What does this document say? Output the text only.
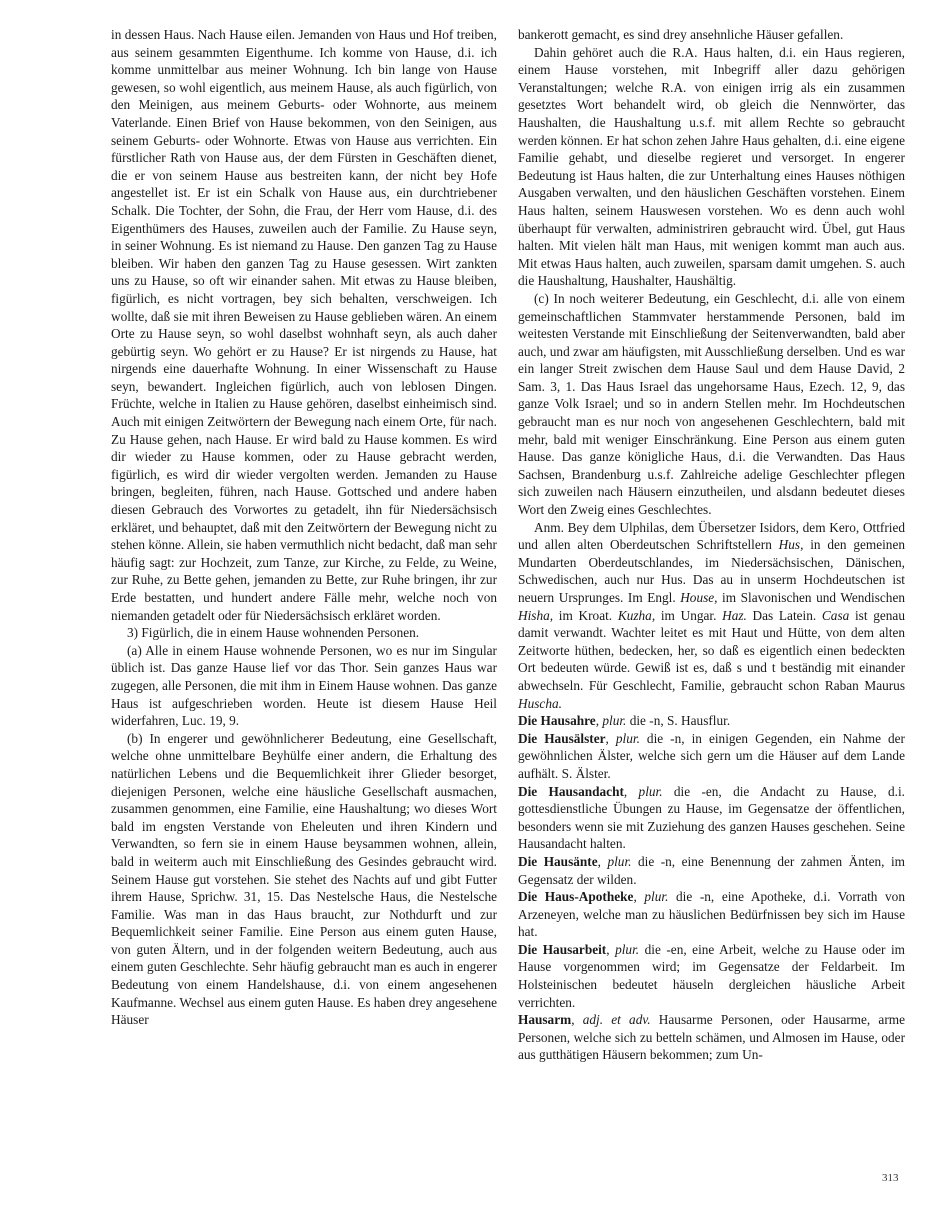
in dessen Haus. Nach Hause eilen. Jemanden von Haus und Hof treiben, aus seinem gesammten Eigenthume. Ich komme von Hause, d.i. ich komme unmittelbar aus meiner Wohnung. Ich bin lange von Hause gewesen, so wohl eigentlich, aus meinem Hause, als auch figürlich, von den Meinigen, aus meinem Geburts- oder Wohnorte, aus meinem Vaterlande. Einen Brief von Hause bekommen, von den Seinigen, aus seinem Geburts- oder Wohnorte. Etwas von Hause aus verrichten. Ein fürstlicher Rath von Hause aus, der dem Fürsten in Geschäften dienet, die er von seinem Hause aus bestreiten kann, der nicht bey Hofe angestellet ist. Er ist ein Schalk von Hause aus, ein durchtriebener Schalk. Die Tochter, der Sohn, die Frau, der Herr vom Hause, d.i. des Eigenthümers des Hauses, zuweilen auch der Familie. Zu Hause seyn, in seiner Wohnung. Es ist niemand zu Hause. Den ganzen Tag zu Hause bleiben. Wir haben den ganzen Tag zu Hause gesessen. Wirt zankten uns zu Hause, so oft wir einander sahen. Mit etwas zu Hause bleiben, figürlich, es nicht vortragen, bey sich behalten, verschweigen. Ich wollte, daß sie mit ihren Beweisen zu Hause geblieben wären. An einem Orte zu Hause seyn, so wohl daselbst wohnhaft seyn, als auch daher gebürtig seyn. Wo gehört er zu Hause? Er ist nirgends zu Hause, hat nirgends eine dauerhafte Wohnung. In einer Wissenschaft zu Hause seyn, bewandert. Ingleichen figürlich, auch von leblosen Dingen. Früchte, welche in Italien zu Hause gehören, daselbst einheimisch sind. Auch mit einigen Zeitwörtern der Bewegung nach einem Orte, für nach. Zu Hause gehen, nach Hause. Er wird bald zu Hause kommen. Es wird dir wieder zu Hause kommen, oder zu Hause gebracht werden, figürlich, es wird dir wieder vergolten werden. Jemanden zu Hause bringen, begleiten, führen, nach Hause. Gottsched und andere haben diesen Gebrauch des Vorwortes zu getadelt, ihn für Niedersächsisch erkläret, und behauptet, daß mit den Zeitwörtern der Bewegung nicht zu stehen könne. Allein, sie haben vermuthlich nicht bedacht, daß man sehr häufig sagt: zur Hochzeit, zum Tanze, zur Kirche, zu Felde, zu Weine, zur Ruhe, zu Bette gehen, jemanden zu Bette, zur Ruhe bringen, ihr zur Erde bestatten, und hundert andere Fälle mehr, welche noch von niemanden getadelt oder für Niedersächsisch erkläret worden.

3) Figürlich, die in einem Hause wohnenden Personen.

(a) Alle in einem Hause wohnende Personen, wo es nur im Singular üblich ist. Das ganze Hause lief vor das Thor. Sein ganzes Haus war zugegen, alle Personen, die mit ihm in Einem Hause wohnen. Das ganze Haus ist aufgeschrieben worden. Heute ist diesem Hause Heil widerfahren, Luc. 19, 9.

(b) In engerer und gewöhnlicherer Bedeutung, eine Gesellschaft, welche ohne unmittelbare Beyhülfe einer andern, die Erhaltung des natürlichen Lebens und die Bequemlichkeit ihrer Glieder besorget, diejenigen Personen, welche eine häusliche Gesellschaft ausmachen, zusammen genommen, eine Familie, eine Haushaltung; wo dieses Wort bald im engsten Verstande von Eheleuten und ihren Kindern und Verwandten, so fern sie in einem Hause beysammen wohnen, allein, bald in weiterm auch mit Einschließung des Gesindes gebraucht wird. Seinem Hause gut vorstehen. Sie stehet des Nachts auf und gibt Futter ihrem Hause, Sprichw. 31, 15. Das Nestelsche Haus, die Nestelsche Familie. Was man in das Haus braucht, zur Nothdurft und zur Bequemlichkeit seiner Familie. Eine Person aus einem guten Hause, von guten Ältern, und in der folgenden weitern Bedeutung, auch aus einem guten Geschlechte. Sehr häufig gebraucht man es auch in engerer Bedeutung von einem Handelshause, d.i. von einem angesehenen Kaufmanne. Wechsel aus einem guten Hause. Es haben drey angesehene Häuser

bankerott gemacht, es sind drey ansehnliche Häuser gefallen.

Dahin gehöret auch die R.A. Haus halten, d.i. ein Haus regieren, einem Hause vorstehen, mit Inbegriff aller dazu gehörigen Veranstaltungen; welche R.A. von einigen irrig als ein zusammen gesetztes Wort behandelt wird, ob gleich die Nennwörter, das Haushalten, die Haushaltung u.s.f. mit allem Rechte so gebraucht werden können. Er hat schon zehen Jahre Haus gehalten, d.i. eine eigene Familie gehabt, und dieselbe regieret und versorget. In engerer Bedeutung ist Haus halten, die zur Unterhaltung eines Hauses nöthigen Ausgaben verwalten, und den häuslichen Geschäften vorstehen. Einem Haus halten, seinem Hauswesen vorstehen. Wo es denn auch wohl überhaupt für verwalten, administriren gebraucht wird. Übel, gut Haus halten. Mit vielen hält man Haus, mit wenigen kommt man auch aus. Mit etwas Haus halten, auch zuweilen, sparsam damit umgehen. S. auch die Haushaltung, Haushalter, Haushältig.

(c) In noch weiterer Bedeutung, ein Geschlecht, d.i. alle von einem gemeinschaftlichen Stammvater herstammende Personen, bald im weitesten Verstande mit Einschließung der Seitenverwandten, bald aber auch, und zwar am häufigsten, mit Ausschließung derselben. Und es war ein langer Streit zwischen dem Hause Saul und dem Hause David, 2 Sam. 3, 1. Das Haus Israel das ungehorsame Haus, Ezech. 12, 9, das ganze Volk Israel; und so in andern Stellen mehr. Im Hochdeutschen gebraucht man es nur noch von angesehenen Geschlechtern, bald mit mehr, bald mit weniger Einschränkung. Eine Person aus einem guten Hause. Das ganze königliche Haus, d.i. die Verwandten. Das Haus Sachsen, Brandenburg u.s.f. Zahlreiche adelige Geschlechter pflegen sich zuweilen nach Häusern einzutheilen, und alsdann bedeutet dieses Wort den Zweig eines Geschlechtes.

Anm. Bey dem Ulphilas, dem Übersetzer Isidors, dem Kero, Ottfried und allen alten Oberdeutschen Schriftstellern Hus, in den gemeinen Mundarten Oberdeutschlandes, im Niedersächsischen, Dänischen, Schwedischen, auch nur Hus. Das au in unserm Hochdeutschen ist neuern Ursprunges. Im Engl. House, im Slavonischen und Wendischen Hisha, im Kroat. Kuzha, im Ungar. Haz. Das Latein. Casa ist genau damit verwandt. Wachter leitet es mit Haut und Hütte, von dem alten Zeitworte hüthen, bedecken, her, so daß es eigentlich einen bedeckten Ort bedeuten würde. Gewiß ist es, daß s und t beständig mit einander abwechseln. Für Geschlecht, Familie, gebraucht schon Raban Maurus Huscha.

Die Hausahre, plur. die -n, S. Hausflur.

Die Hausälster, plur. die -n, in einigen Gegenden, ein Nahme der gewöhnlichen Älster, welche sich gern um die Häuser auf dem Lande aufhält. S. Älster.

Die Hausandacht, plur. die -en, die Andacht zu Hause, d.i. gottesdienstliche Übungen zu Hause, im Gegensatze der öffentlichen, besonders wenn sie mit Zuziehung des ganzen Hauses geschehen. Seine Hausandacht halten.

Die Hausänte, plur. die -n, eine Benennung der zahmen Änten, im Gegensatz der wilden.

Die Haus-Apotheke, plur. die -n, eine Apotheke, d.i. Vorrath von Arzeneyen, welche man zu häuslichen Bedürfnissen bey sich im Hause hat.

Die Hausarbeit, plur. die -en, eine Arbeit, welche zu Hause oder im Hause vorgenommen wird; im Gegensatze der Feldarbeit. Im Holsteinischen bedeutet häuseln dergleichen häusliche Arbeit verrichten.

Hausarm, adj. et adv. Hausarme Personen, oder Hausarme, arme Personen, welche sich zu betteln schämen, und Almosen im Hause, oder aus gutthätigen Häusern bekommen; zum Un-

313
